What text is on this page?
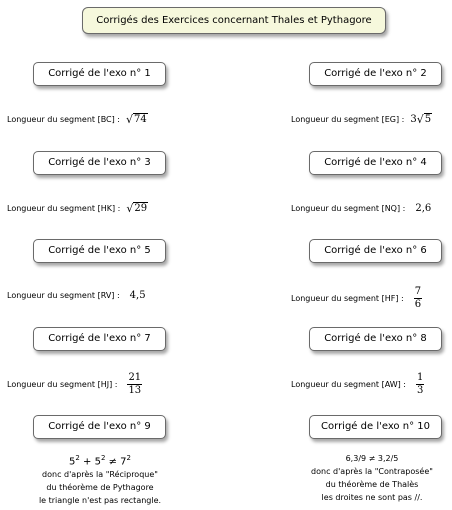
Corrigés des Exercices concernant Thales et Pythagore
Corrigé de l'exo n° 1	Corrigé de l'exo n° 2
Longueur du segment [BC] : √ 74	Longueur du segment [EG] : 3 √ 5
Corrigé de l'exo n° 3	Corrigé de l'exo n° 4
Longueur du segment [HK] : √ 29	Longueur du segment [NQ] : 2,6
Corrigé de l'exo n° 5	Corrigé de l'exo n° 6
Longueur du segment [RV] : 4,5	Longueur du segment [HF] : $\frac{7}{6}$
Corrigé de l'exo n° 7	Corrigé de l'exo n° 8
Longueur du segment [HJ] : $\frac{21}{13}$	Longueur du segment [AW] : $\frac{1}{3}$
Corrigé de l'exo n° 9	Corrigé de l'exo n° 10
$5^2 + 5^2 \ne 7^2$
donc d'après la "Réciproque"
du théorème de Pythagore
le triangle n'est pas rectangle.
6,3/9 ≠ 3,2/5
donc d'après la "Contraposée"
du théorème de Thalès
les droites ne sont pas //.
